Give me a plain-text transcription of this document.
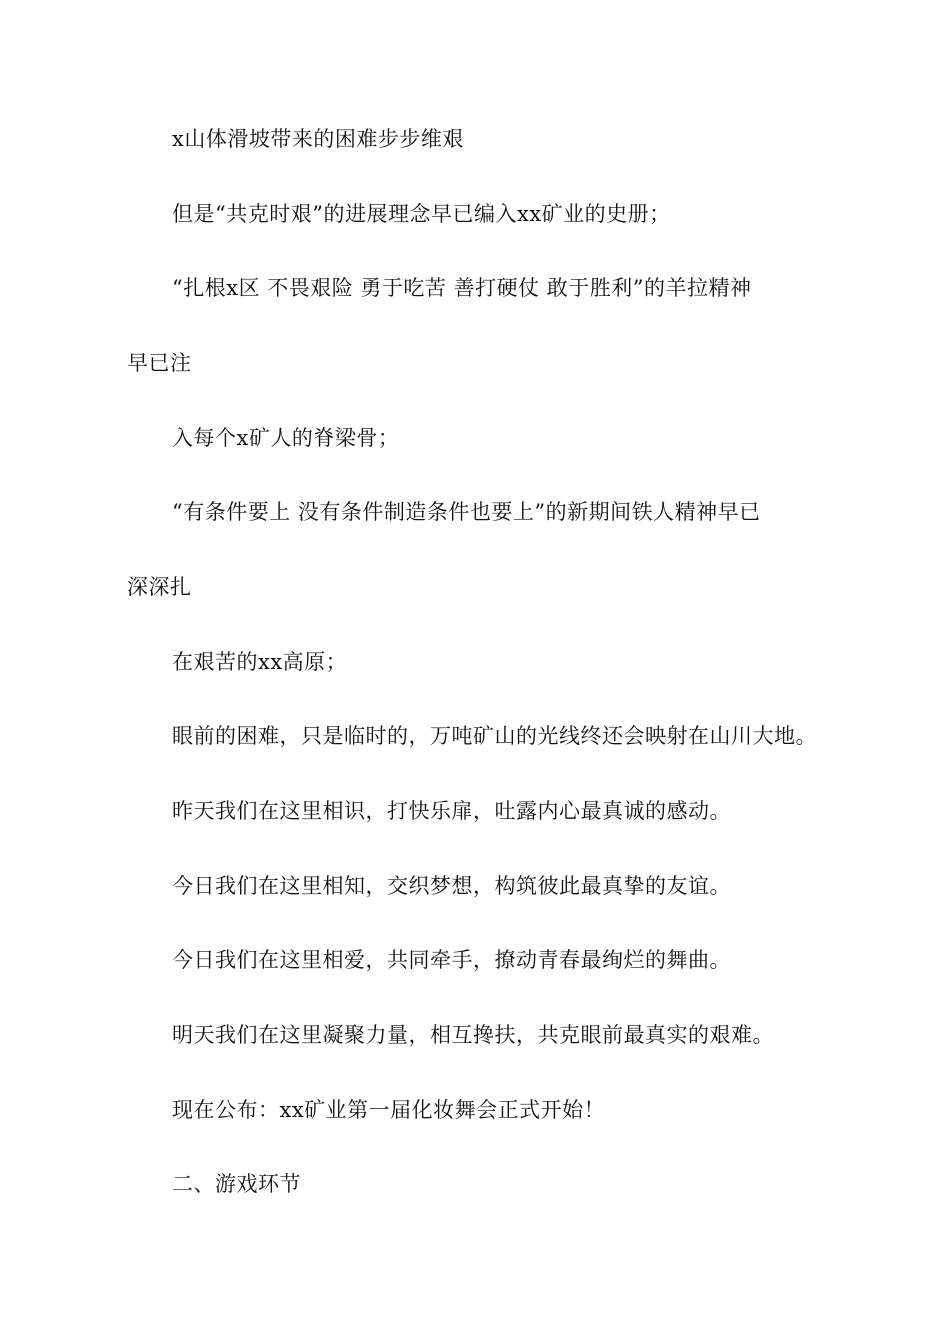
x山体滑坡带来的困难步步维艰
但是“共克时艰”的进展理念早已编入xx矿业的史册；
“扎根x区 不畏艰险 勇于吃苦 善打硬仗 敢于胜利”的羊拉精神
早已注
入每个x矿人的脊梁骨；
“有条件要上 没有条件制造条件也要上”的新期间铁人精神早已
深深扎
在艰苦的xx高原；
眼前的困难，只是临时的，万吨矿山的光线终还会映射在山川大地。
昨天我们在这里相识，打快乐扉，吐露内心最真诚的感动。
今日我们在这里相知，交织梦想，构筑彼此最真挚的友谊。
今日我们在这里相爱，共同牵手，撩动青春最绚烂的舞曲。
明天我们在这里凝聚力量，相互搀扶，共克眼前最真实的艰难。
现在公布：xx矿业第一届化妆舞会正式开始！
二、游戏环节
